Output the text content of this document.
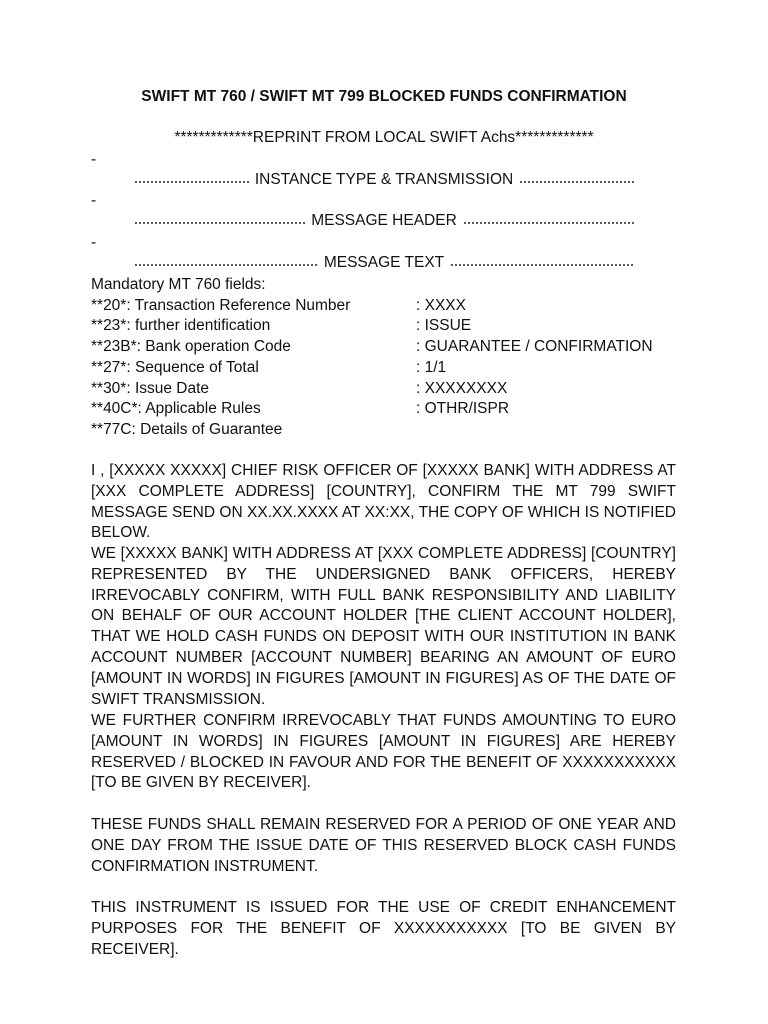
SWIFT MT 760 / SWIFT MT 799 BLOCKED FUNDS CONFIRMATION
*************REPRINT FROM LOCAL SWIFT Achs*************
-
INSTANCE TYPE & TRANSMISSION
-
MESSAGE HEADER
-
MESSAGE TEXT
Mandatory MT 760 fields:
**20*: Transaction Reference Number	: XXXX
**23*: further identification	: ISSUE
**23B*: Bank operation Code	: GUARANTEE / CONFIRMATION
**27*: Sequence of Total	: 1/1
**30*: Issue Date	: XXXXXXXX
**40C*: Applicable Rules	: OTHR/ISPR
**77C: Details of Guarantee

I , [XXXXX XXXXX] CHIEF RISK OFFICER OF [XXXXX BANK] WITH ADDRESS AT [XXX COMPLETE ADDRESS] [COUNTRY], CONFIRM THE MT 799 SWIFT MESSAGE SEND ON XX.XX.XXXX AT XX:XX, THE COPY OF WHICH IS NOTIFIED BELOW.

WE [XXXXX BANK] WITH ADDRESS AT [XXX COMPLETE ADDRESS] [COUNTRY] REPRESENTED BY THE UNDERSIGNED BANK OFFICERS, HEREBY IRREVOCABLY CONFIRM, WITH FULL BANK RESPONSIBILITY AND LIABILITY ON BEHALF OF OUR ACCOUNT HOLDER [THE CLIENT ACCOUNT HOLDER], THAT WE HOLD CASH FUNDS ON DEPOSIT WITH OUR INSTITUTION IN BANK ACCOUNT NUMBER [ACCOUNT NUMBER] BEARING AN AMOUNT OF EURO [AMOUNT IN WORDS] IN FIGURES [AMOUNT IN FIGURES] AS OF THE DATE OF SWIFT TRANSMISSION.

WE FURTHER CONFIRM IRREVOCABLY THAT FUNDS AMOUNTING TO EURO [AMOUNT IN WORDS] IN FIGURES [AMOUNT IN FIGURES] ARE HEREBY RESERVED / BLOCKED IN FAVOUR AND FOR THE BENEFIT OF XXXXXXXXXXX [TO BE GIVEN BY RECEIVER].

THESE FUNDS SHALL REMAIN RESERVED FOR A PERIOD OF ONE YEAR AND ONE DAY FROM THE ISSUE DATE OF THIS RESERVED BLOCK CASH FUNDS CONFIRMATION INSTRUMENT.

THIS INSTRUMENT IS ISSUED FOR THE USE OF CREDIT ENHANCEMENT PURPOSES FOR THE BENEFIT OF XXXXXXXXXXX [TO BE GIVEN BY RECEIVER].
